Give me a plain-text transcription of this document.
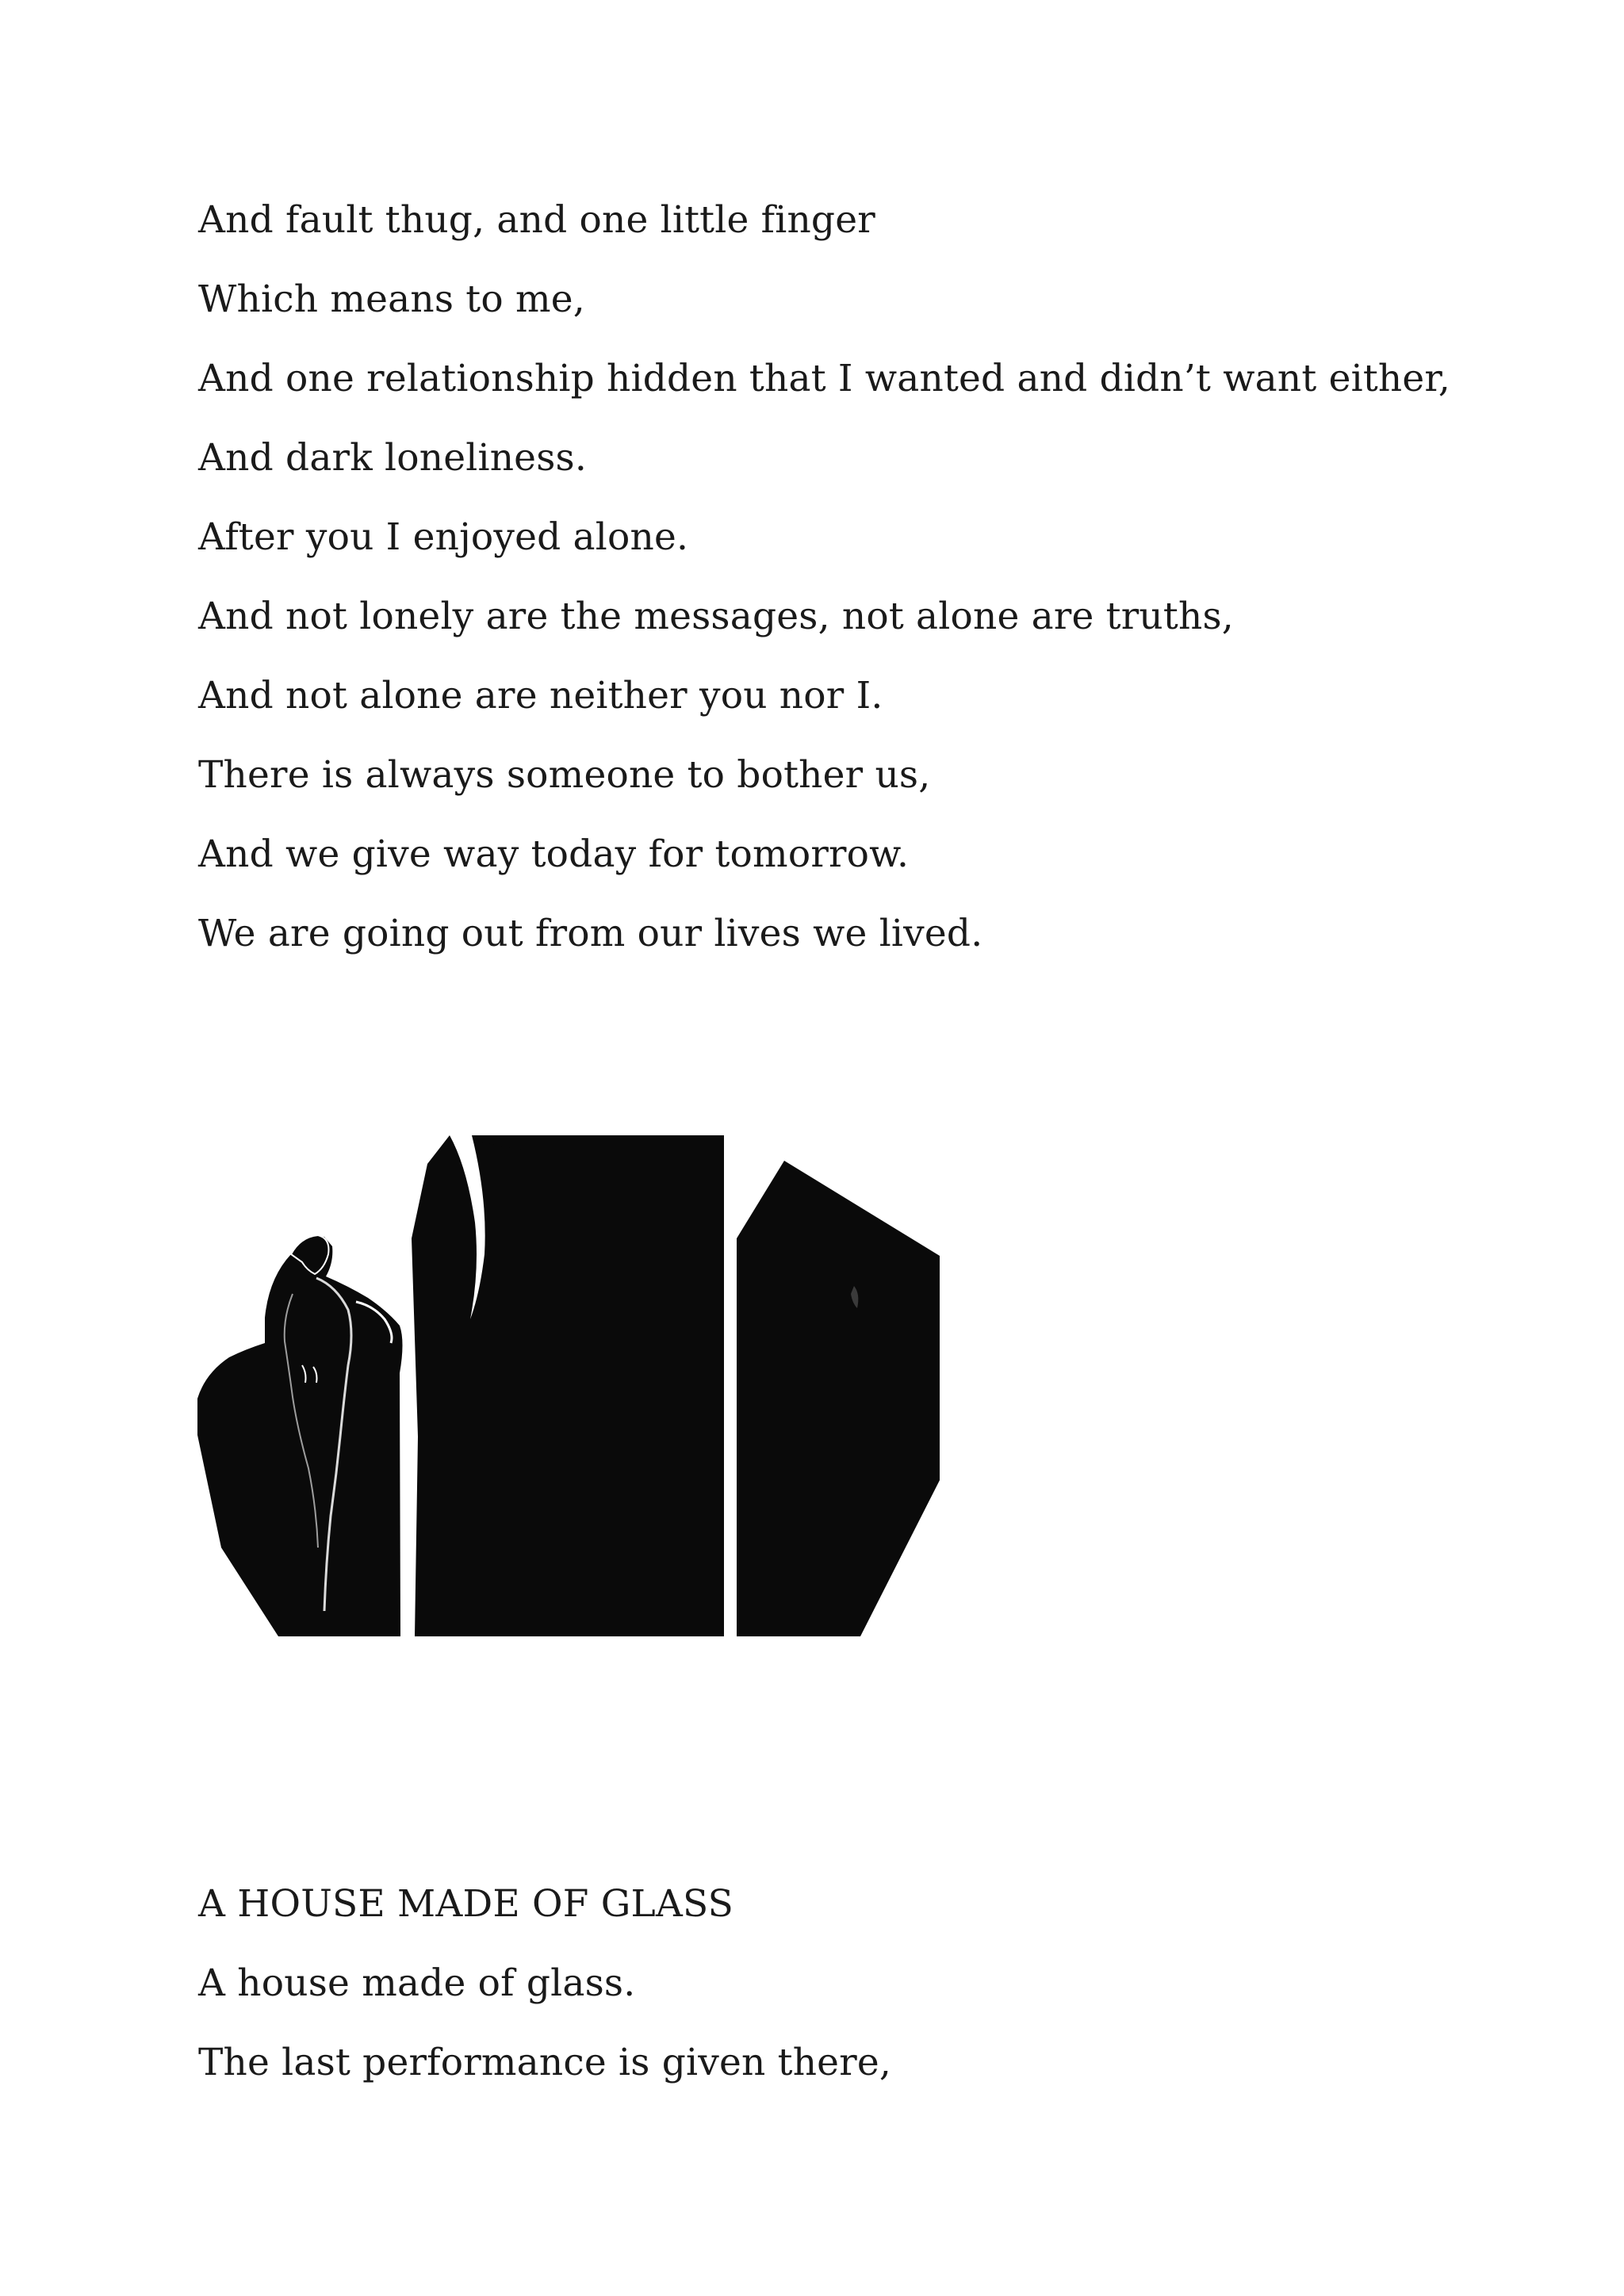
And fault thug, and one little finger
Which means to me,
And one relationship hidden that I wanted and didn’t want either,
And dark loneliness.
After you I enjoyed alone.
And not lonely are the messages, not alone are truths,
And not alone are neither you nor I.
There is always someone to bother us,
And we give way today for tomorrow.
We are going out from our lives we lived.
A HOUSE MADE OF GLASS
A house made of glass.
The last performance is given there,
